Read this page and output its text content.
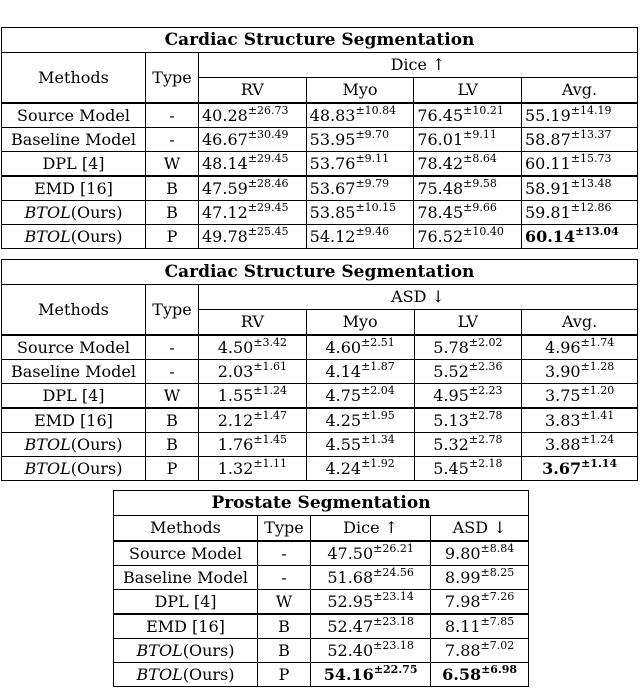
Cardiac Structure Segmentation					
Methods	Type	Dice ↑			
		RV	Myo	LV	Avg.
Source Model	-	$40.28^{\pm 26.73}$	$48.83^{\pm 10.84}$	$76.45^{\pm 10.21}$	$55.19^{\pm 14.19}$
Baseline Model	-	$46.67^{\pm 30.49}$	$53.95^{\pm 9.70}$	$76.01^{\pm 9.11}$	$58.87^{\pm 13.37}$
DPL [4]	W	$48.14^{\pm 29.45}$	$53.76^{\pm 9.11}$	$78.42^{\pm 8.64}$	$60.11^{\pm 15.73}$
EMD [16]	B	$47.59^{\pm 28.46}$	$53.67^{\pm 9.79}$	$75.48^{\pm 9.58}$	$58.91^{\pm 13.48}$
BTOL(Ours)	B	$47.12^{\pm 29.45}$	$53.85^{\pm 10.15}$	$78.45^{\pm 9.66}$	$59.81^{\pm 12.86}$
BTOL(Ours)	P	$49.78^{\pm 25.45}$	$54.12^{\pm 9.46}$	$76.52^{\pm 10.40}$	$60.14^{\pm 13.04}$
Cardiac Structure Segmentation					
Methods	Type	ASD ↓			
		RV	Myo	LV	Avg.
Source Model	-	$4.50^{\pm 3.42}$	$4.60^{\pm 2.51}$	$5.78^{\pm 2.02}$	$4.96^{\pm 1.74}$
Baseline Model	-	$2.03^{\pm 1.61}$	$4.14^{\pm 1.87}$	$5.52^{\pm 2.36}$	$3.90^{\pm 1.28}$
DPL [4]	W	$1.55^{\pm 1.24}$	$4.75^{\pm 2.04}$	$4.95^{\pm 2.23}$	$3.75^{\pm 1.20}$
EMD [16]	B	$2.12^{\pm 1.47}$	$4.25^{\pm 1.95}$	$5.13^{\pm 2.78}$	$3.83^{\pm 1.41}$
BTOL(Ours)	B	$1.76^{\pm 1.45}$	$4.55^{\pm 1.34}$	$5.32^{\pm 2.78}$	$3.88^{\pm 1.24}$
BTOL(Ours)	P	$1.32^{\pm 1.11}$	$4.24^{\pm 1.92}$	$5.45^{\pm 2.18}$	$3.67^{\pm 1.14}$
Prostate Segmentation			
Methods	Type	Dice ↑	ASD ↓
Source Model	-	$47.50^{\pm 26.21}$	$9.80^{\pm 8.84}$
Baseline Model	-	$51.68^{\pm 24.56}$	$8.99^{\pm 8.25}$
DPL [4]	W	$52.95^{\pm 23.14}$	$7.98^{\pm 7.26}$
EMD [16]	B	$52.47^{\pm 23.18}$	$8.11^{\pm 7.85}$
BTOL(Ours)	B	$52.40^{\pm 23.18}$	$7.88^{\pm 7.02}$
BTOL(Ours)	P	$54.16^{\pm 22.75}$	$6.58^{\pm 6.98}$
